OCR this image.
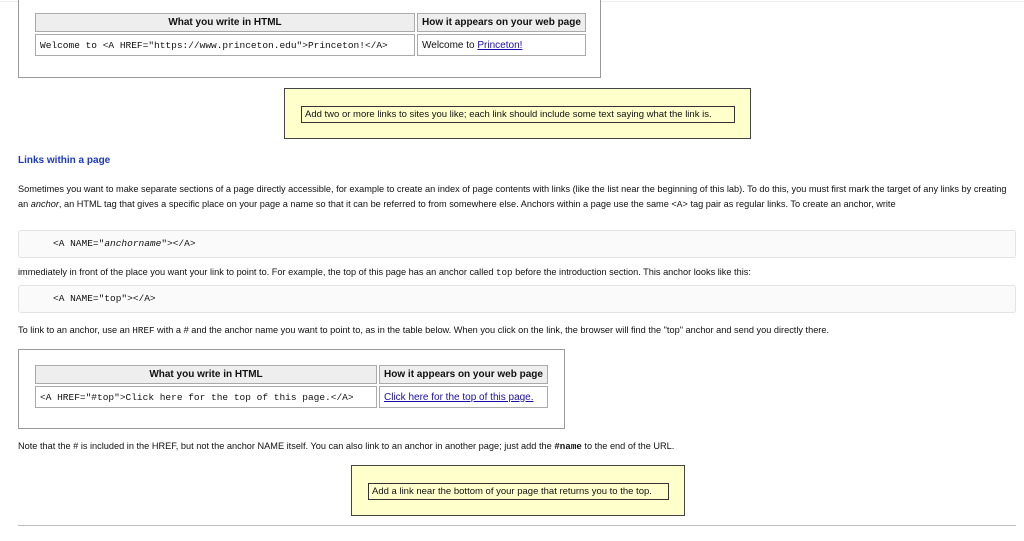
What you write in HTML	How it appears on your web page
Welcome to <A HREF="https://www.princeton.edu">Princeton!</A>	Welcome to Princeton!
Add two or more links to sites you like; each link should include some text saying what the link is.
Links within a page
Sometimes you want to make separate sections of a page directly accessible, for example to create an index of page contents with links (like the list near the beginning of this lab). To do this, you must first mark the target of any links by creating an anchor, an HTML tag that gives a specific place on your page a name so that it can be referred to from somewhere else. Anchors within a page use the same <A> tag pair as regular links. To create an anchor, write
<A NAME="anchorname"></A>
immediately in front of the place you want your link to point to. For example, the top of this page has an anchor called top before the introduction section. This anchor looks like this:
<A NAME="top"></A>
To link to an anchor, use an HREF with a # and the anchor name you want to point to, as in the table below. When you click on the link, the browser will find the "top" anchor and send you directly there.
What you write in HTML	How it appears on your web page
<A HREF="#top">Click here for the top of this page.</A>	Click here for the top of this page.
Note that the # is included in the HREF, but not the anchor NAME itself. You can also link to an anchor in another page; just add the #name to the end of the URL.
Add a link near the bottom of your page that returns you to the top.
